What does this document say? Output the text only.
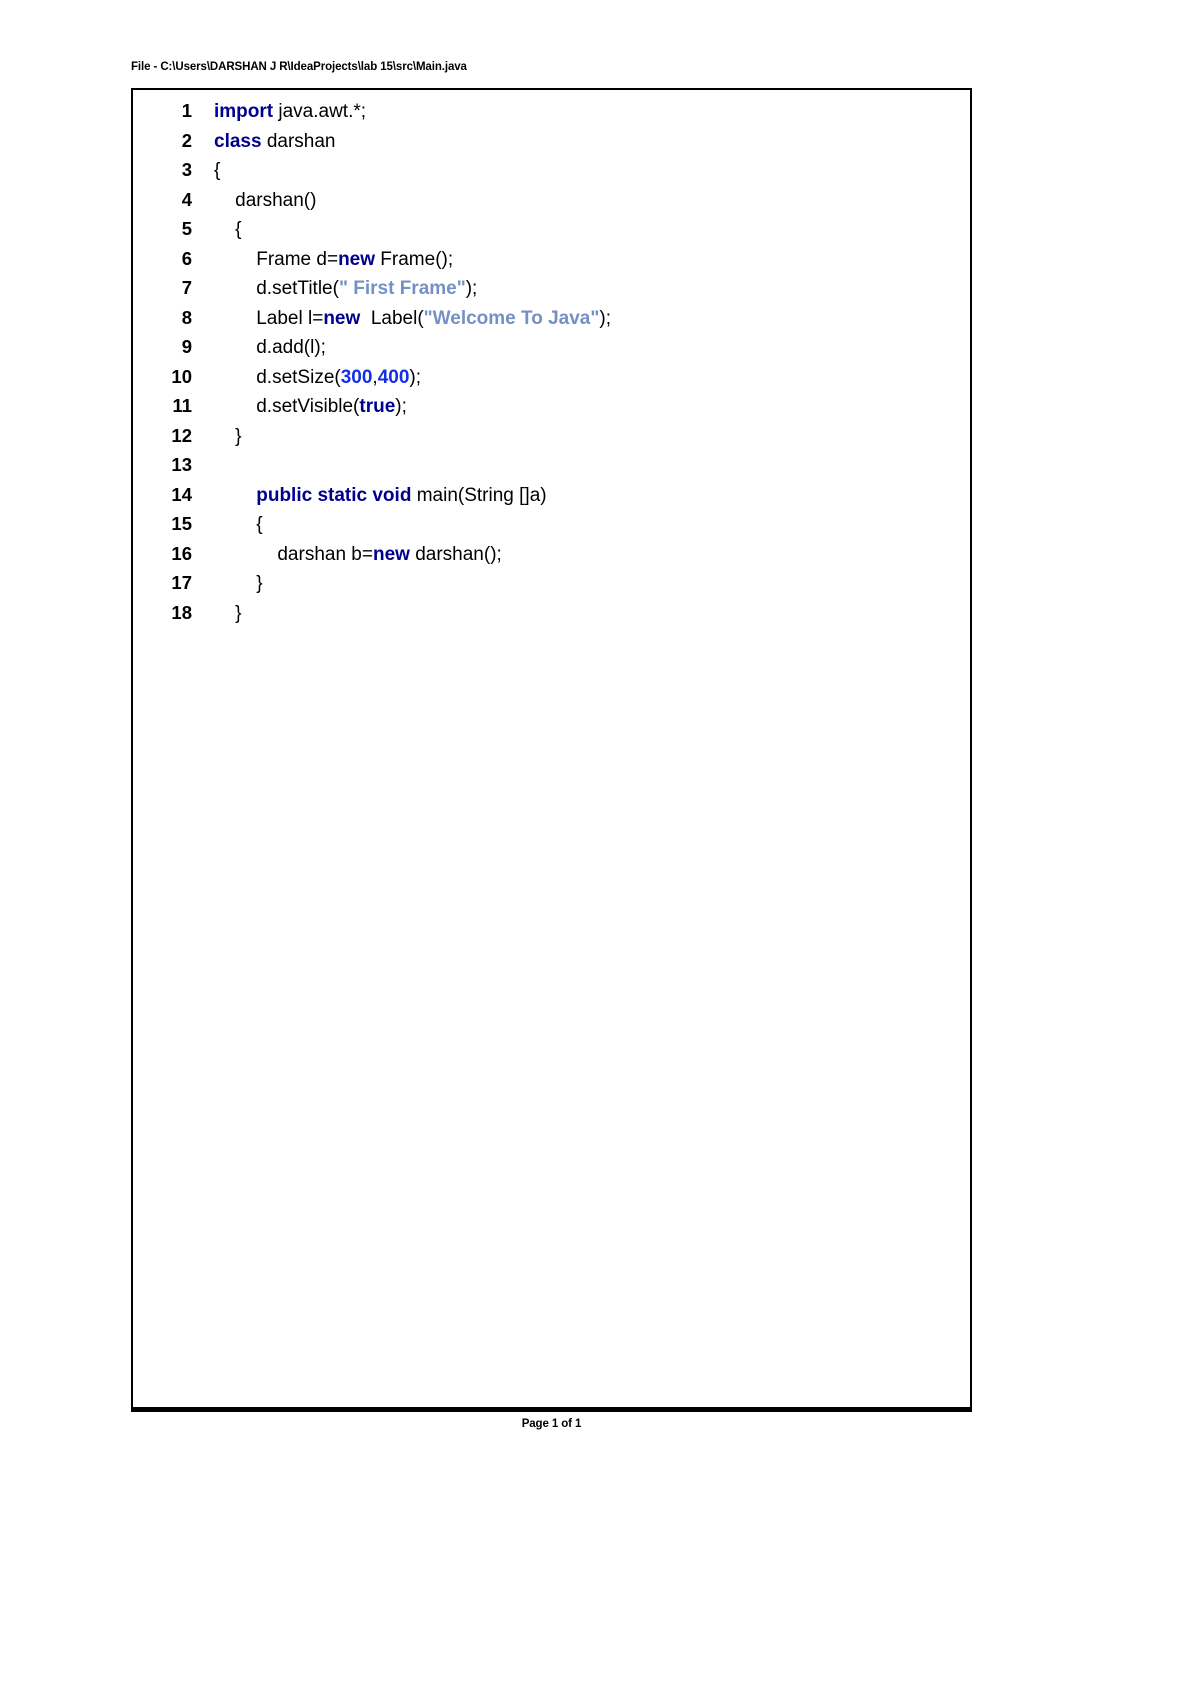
File - C:\Users\DARSHAN J R\IdeaProjects\lab 15\src\Main.java
1 import java.awt.*;
2 class darshan
3 {
4	darshan()
5	{
6	Frame d=new Frame();
7	d.setTitle(" First Frame");
8	Label l=new  Label("Welcome To Java");
9	d.add(l);
10	d.setSize(300,400);
11	d.setVisible(true);
12	}
13
14	public static void main(String []a)
15	{
16	darshan b=new darshan();
17	}
18	}
Page 1 of 1
